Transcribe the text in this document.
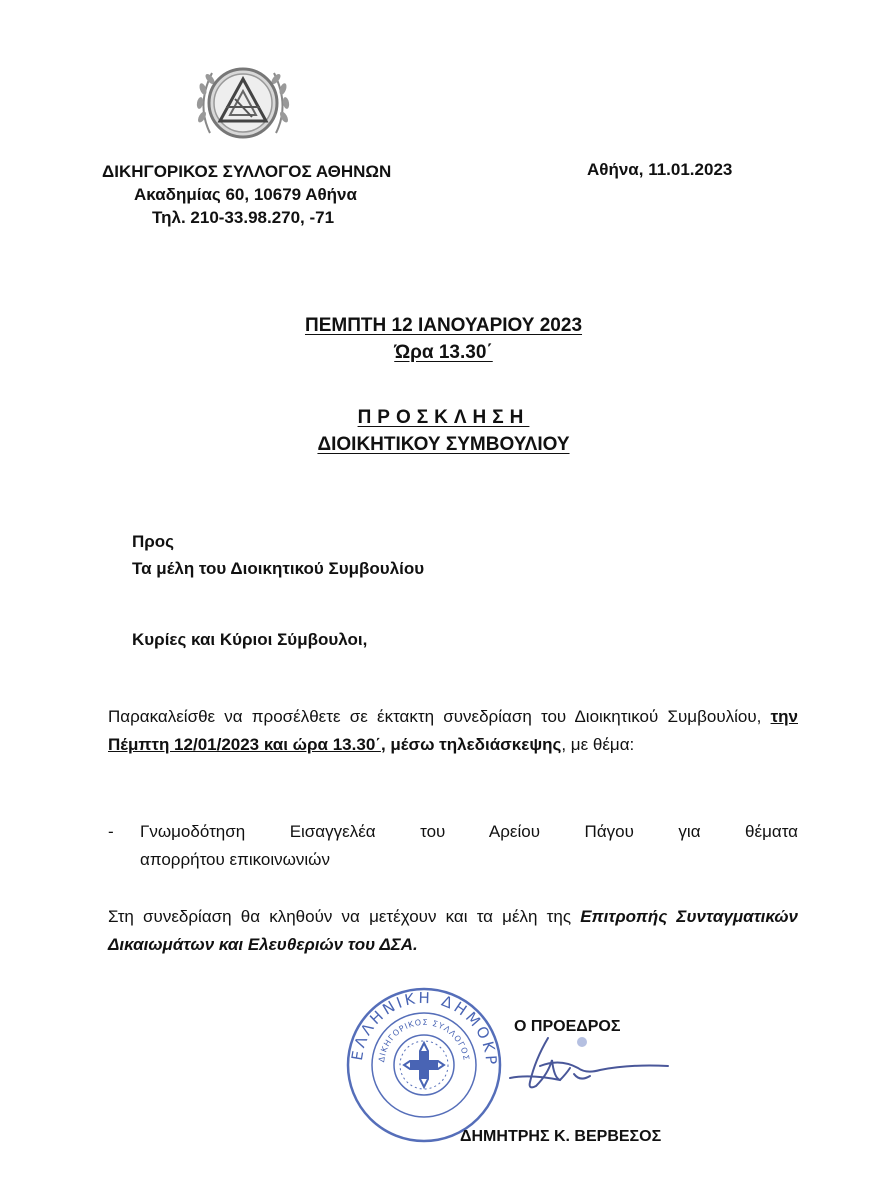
ΔΙΚΗΓΟΡΙΚΟΣ ΣΥΛΛΟΓΟΣ ΑΘΗΝΩΝ
Ακαδημίας 60, 10679 Αθήνα
Τηλ. 210-33.98.270, -71
Αθήνα, 11.01.2023
ΠΕΜΠΤΗ 12 ΙΑΝΟΥΑΡΙΟΥ 2023
Ώρα 13.30΄
ΠΡΟΣΚΛΗΣΗ
ΔΙΟΙΚΗΤΙΚΟΥ ΣΥΜΒΟΥΛΙΟΥ
Προς
Τα μέλη του Διοικητικού Συμβουλίου
Κυρίες και Κύριοι Σύμβουλοι,
Παρακαλείσθε να προσέλθετε σε έκτακτη συνεδρίαση του Διοικητικού Συμβουλίου, την Πέμπτη 12/01/2023 και ώρα 13.30΄, μέσω τηλεδιάσκεψης, με θέμα:
- Γνωμοδότηση Εισαγγελέα του Αρείου Πάγου για θέματα
απορρήτου επικοινωνιών
Στη συνεδρίαση θα κληθούν να μετέχουν και τα μέλη της Επιτροπής Συνταγματικών Δικαιωμάτων και Ελευθεριών του ΔΣΑ.
ΕΛΛΗΝΙΚΗ ΔΗΜΟΚΡ
ΔΙΚΗΓΟΡΙΚΟΣ ΣΥΛΛΟΓΟΣ
Ο ΠΡΟΕΔΡΟΣ
ΔΗΜΗΤΡΗΣ Κ. ΒΕΡΒΕΣΟΣ
